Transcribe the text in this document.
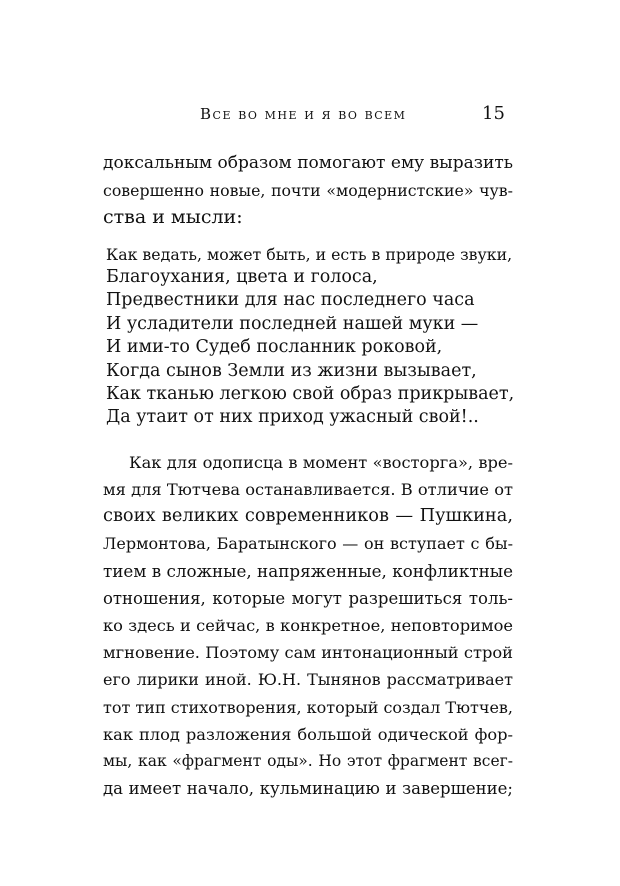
Все во мне и я во всем	15

доксальным образом помогают ему выразить
совершенно новые, почти «модернистские» чув-
ства и мысли:

Как ведать, может быть, и есть в природе звуки,
Благоухания, цвета и голоса,
Предвестники для нас последнего часа
И усладители последней нашей муки —
И ими-то Судеб посланник роковой,
Когда сынов Земли из жизни вызывает,
Как тканью легкою свой образ прикрывает,
Да утаит от них приход ужасный свой!..

Как для одописца в момент «восторга», вре-
мя для Тютчева останавливается. В отличие от
своих великих современников — Пушкина,
Лермонтова, Баратынского — он вступает с бы-
тием в сложные, напряженные, конфликтные
отношения, которые могут разрешиться толь-
ко здесь и сейчас, в конкретное, неповторимое
мгновение. Поэтому сам интонационный строй
его лирики иной. Ю.Н. Тынянов рассматривает
тот тип стихотворения, который создал Тютчев,
как плод разложения большой одической фор-
мы, как «фрагмент оды». Но этот фрагмент всег-
да имеет начало, кульминацию и завершение;
